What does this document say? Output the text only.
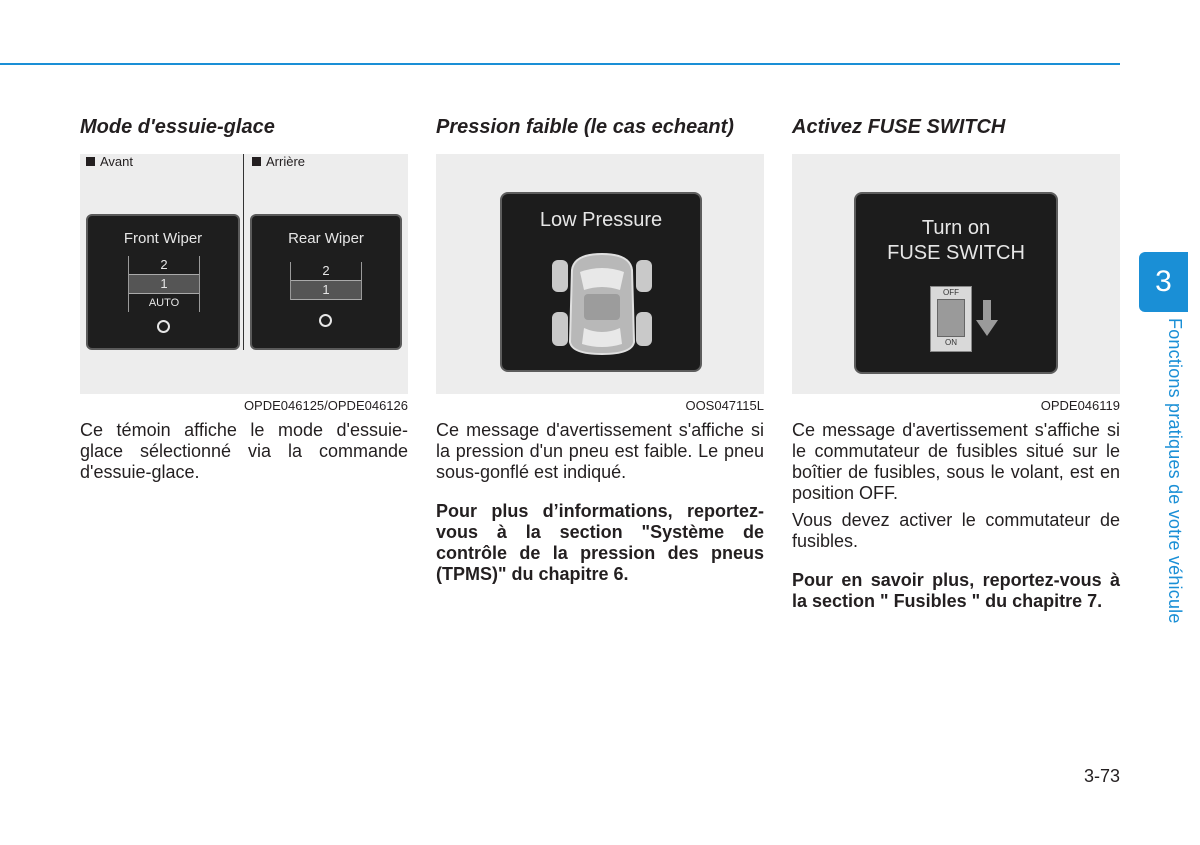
Mode d'essuie-glace
Avant	Arrière
Front Wiper
2
1
AUTO
Rear Wiper
2
1
OPDE046125/OPDE046126

Ce témoin affiche le mode d'essuie-glace sélectionné via la commande d'essuie-glace.

Pression faible (le cas echeant)
Low Pressure
OOS047115L

Ce message d'avertissement s'affiche si la pression d'un pneu est faible. Le pneu sous-gonflé est indiqué.

Pour plus d’informations, reportez-vous à la section "Système de contrôle de la pression des pneus (TPMS)" du chapitre 6.

Activez FUSE SWITCH
Turn on
FUSE SWITCH
OFF
ON
OPDE046119

Ce message d'avertissement s'affiche si le commutateur de fusibles situé sur le boîtier de fusibles, sous le volant, est en position OFF.

Vous devez activer le commutateur de fusibles.

Pour en savoir plus, reportez-vous à la section " Fusibles " du chapitre 7.

3
Fonctions pratiques de votre véhicule
3-73
